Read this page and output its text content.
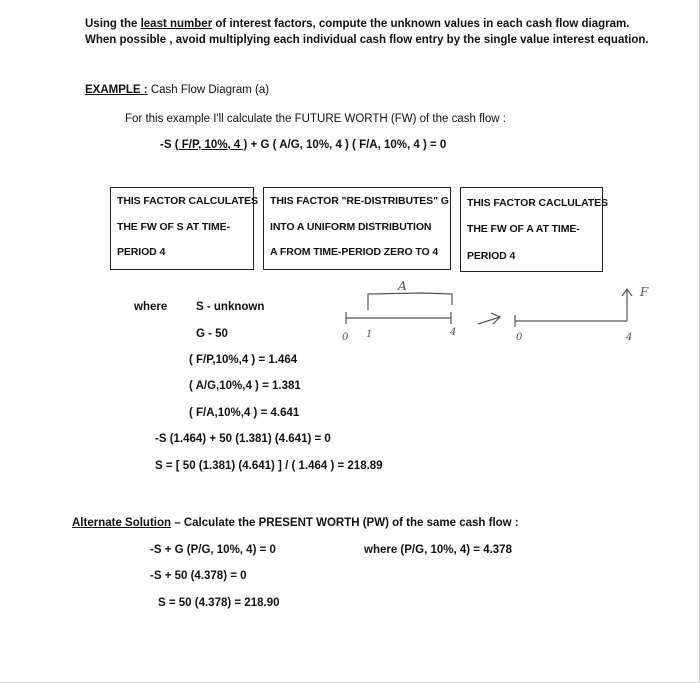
Using the least number of interest factors, compute the unknown values in each cash flow diagram.
When possible , avoid multiplying each individual cash flow entry by the single value interest equation.
EXAMPLE : Cash Flow Diagram (a)
For this example I'll calculate the FUTURE WORTH (FW) of the cash flow :
-S ( F/P, 10%, 4 ) + G ( A/G, 10%, 4 ) ( F/A, 10%, 4 ) = 0
THIS FACTOR CALCULATES
THE FW OF S AT TIME-
PERIOD 4
THIS FACTOR "RE-DISTRIBUTES" G
INTO A UNIFORM DISTRIBUTION
A FROM TIME-PERIOD ZERO TO 4
THIS FACTOR CACLULATES
THE FW OF A AT TIME-
PERIOD 4
where	S - unknown
G - 50
( F/P,10%,4 ) = 1.464
( A/G,10%,4 ) = 1.381
( F/A,10%,4 ) = 4.641
-S (1.464) + 50 (1.381) (4.641) = 0
S = [ 50 (1.381) (4.641) ] / ( 1.464 ) = 218.89
A
0 1	4
F
0	4
Alternate Solution – Calculate the PRESENT WORTH (PW) of the same cash flow :
-S + G (P/G, 10%, 4) = 0	where (P/G, 10%, 4) = 4.378
-S + 50 (4.378) = 0
S = 50 (4.378) = 218.90
